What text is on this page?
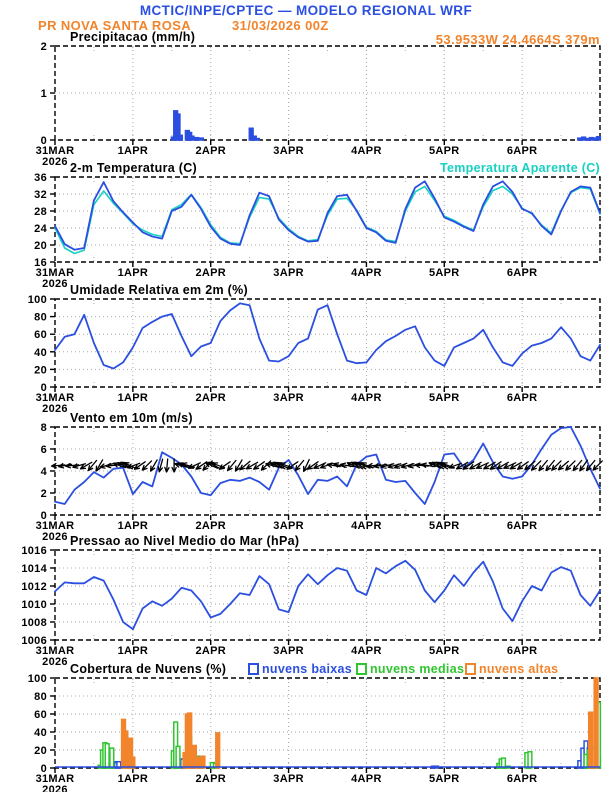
MCTIC/INPE/CPTEC — MODELO REGIONAL WRF
PR NOVA SANTA ROSA	31/03/2026 00Z
53.9533W 24.4664S 379m
0
1
2
31MAR	1APR	2APR	3APR	4APR	5APR	6APR
2026
Precipitacao (mm/h)
16
20
24
28
32
36
31MAR	1APR	2APR	3APR	4APR	5APR	6APR
2026
2-m Temperatura (C)	Temperatura Aparente (C)
0
20
40
60
80
100
31MAR	1APR	2APR	3APR	4APR	5APR	6APR
2026
Umidade Relativa em 2m (%)
0
2
4
6
8
31MAR	1APR	2APR	3APR	4APR	5APR	6APR
2026
Vento em 10m (m/s)
1006
1008
1010
1012
1014
1016
31MAR	1APR	2APR	3APR	4APR	5APR	6APR
2026
Pressao ao Nivel Medio do Mar (hPa)
0
20
40
60
80
100
31MAR	1APR	2APR	3APR	4APR	5APR	6APR
2026
Cobertura de Nuvens (%)	nuvens baixas nuvens medias nuvens altas
